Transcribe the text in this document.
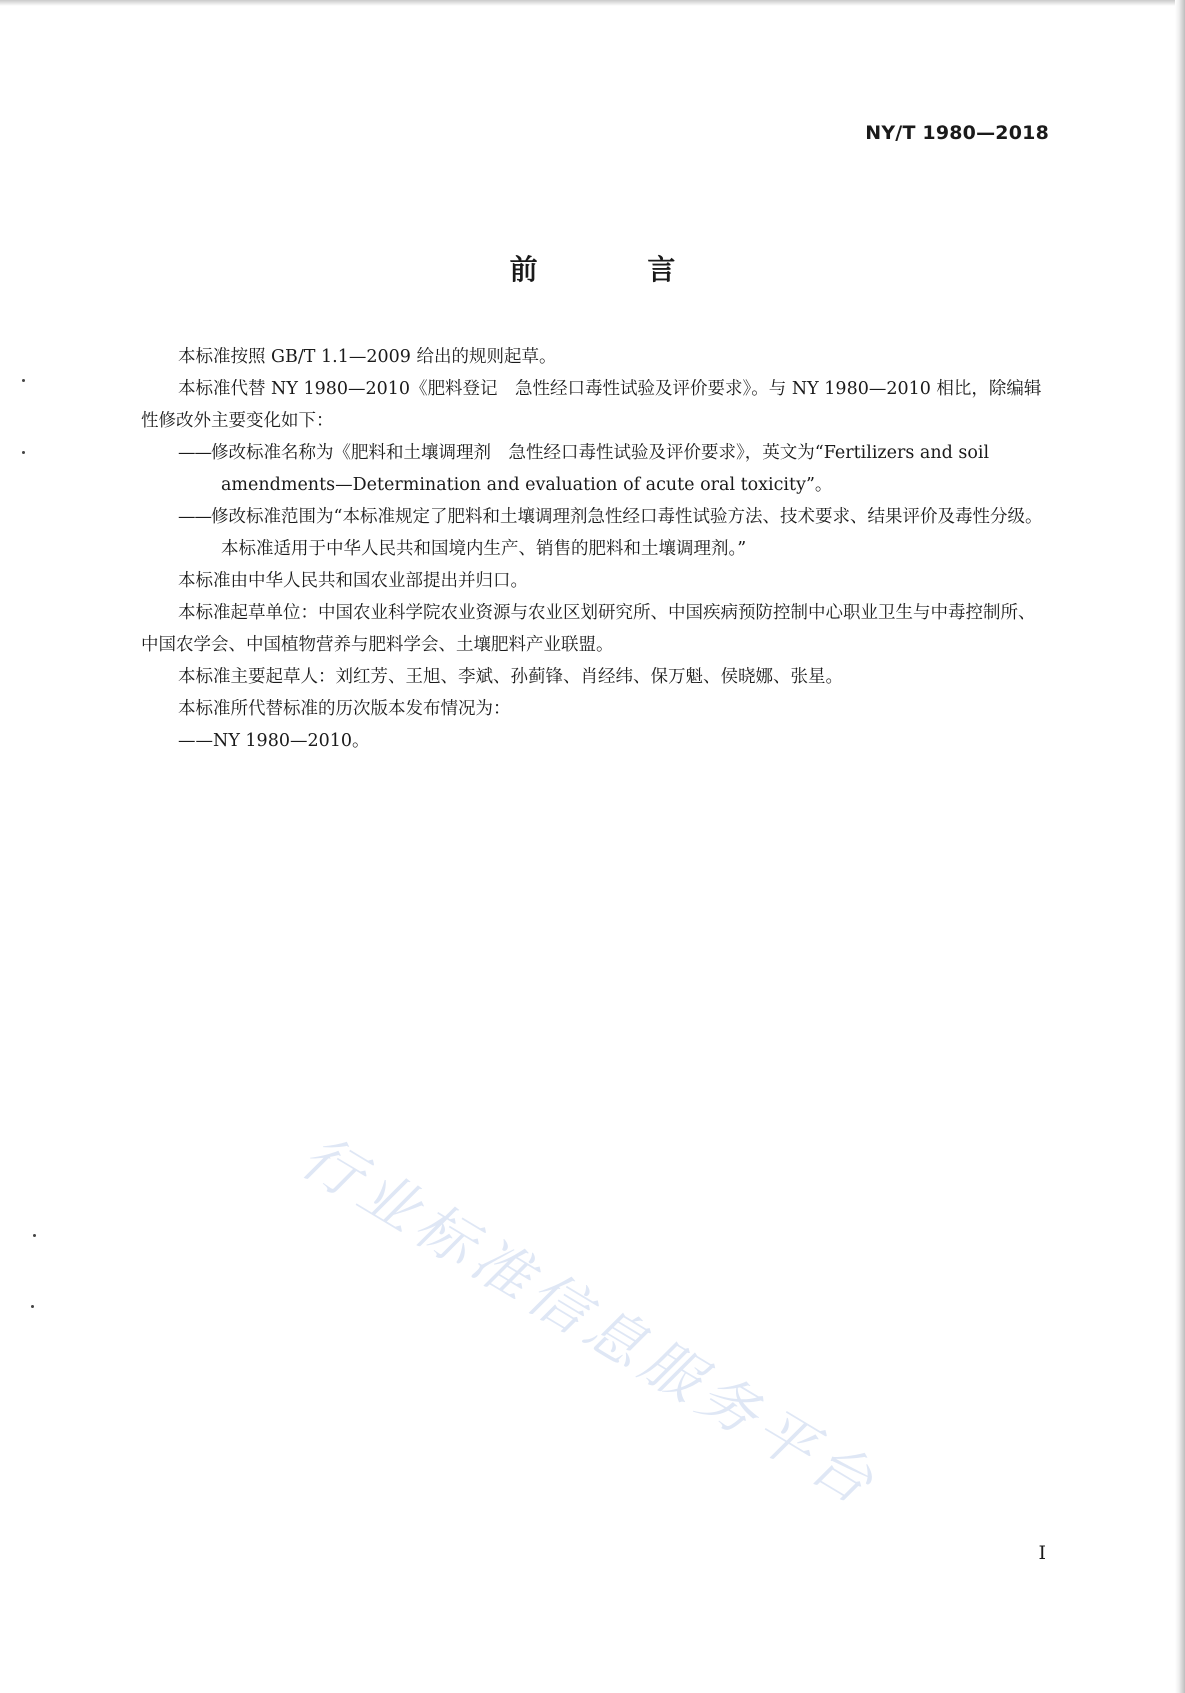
NY/T 1980—2018
前 言

本标准按照 GB/T 1.1—2009 给出的规则起草。

本标准代替 NY 1980—2010《肥料登记　急性经口毒性试验及评价要求》。与 NY 1980—2010 相比，除编辑性修改外主要变化如下：

——修改标准名称为《肥料和土壤调理剂　急性经口毒性试验及评价要求》，英文为“Fertilizers and soil amendments—Determination and evaluation of acute oral toxicity”。

——修改标准范围为“本标准规定了肥料和土壤调理剂急性经口毒性试验方法、技术要求、结果评价及毒性分级。本标准适用于中华人民共和国境内生产、销售的肥料和土壤调理剂。”

本标准由中华人民共和国农业部提出并归口。

本标准起草单位：中国农业科学院农业资源与农业区划研究所、中国疾病预防控制中心职业卫生与中毒控制所、中国农学会、中国植物营养与肥料学会、土壤肥料产业联盟。

本标准主要起草人：刘红芳、王旭、李斌、孙蓟锋、肖经纬、保万魁、侯晓娜、张星。

本标准所代替标准的历次版本发布情况为：

——NY 1980—2010。

行业标准信息服务平台
I
